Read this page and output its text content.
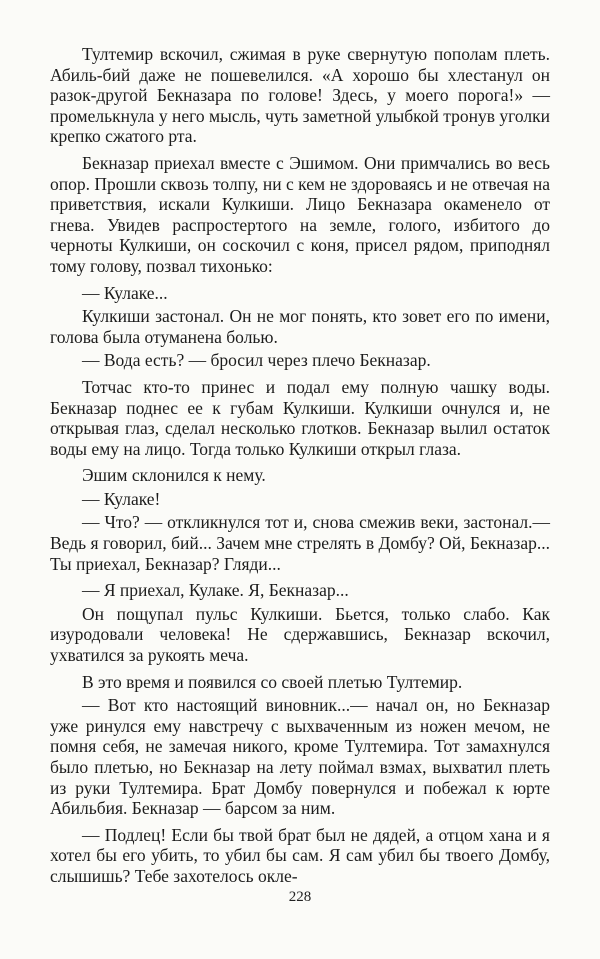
Тултемир вскочил, сжимая в руке свернутую пополам плеть. Абиль-бий даже не пошевелился. «А хорошо бы хлестанул он разок-другой Бекназара по голове! Здесь, у моего порога!» — промелькнула у него мысль, чуть заметной улыбкой тронув уголки крепко сжатого рта.

Бекназар приехал вместе с Эшимом. Они примчались во весь опор. Прошли сквозь толпу, ни с кем не здороваясь и не отвечая на приветствия, искали Кулкиши. Лицо Бекназара окаменело от гнева. Увидев распростертого на земле, голого, избитого до черноты Кулкиши, он соскочил с коня, присел рядом, приподнял тому голову, позвал тихонько:

— Кулаке...

Кулкиши застонал. Он не мог понять, кто зовет его по имени, голова была отуманена болью.

— Вода есть? — бросил через плечо Бекназар.

Тотчас кто-то принес и подал ему полную чашку воды. Бекназар поднес ее к губам Кулкиши. Кулкиши очнулся и, не открывая глаз, сделал несколько глотков. Бекназар вылил остаток воды ему на лицо. Тогда только Кулкиши открыл глаза.

Эшим склонился к нему.

— Кулаке!

— Что? — откликнулся тот и, снова смежив веки, застонал.— Ведь я говорил, бий... Зачем мне стрелять в Домбу? Ой, Бекназар... Ты приехал, Бекназар? Гляди...

— Я приехал, Кулаке. Я, Бекназар...

Он пощупал пульс Кулкиши. Бьется, только слабо. Как изуродовали человека! Не сдержавшись, Бекназар вскочил, ухватился за рукоять меча.

В это время и появился со своей плетью Тултемир.

— Вот кто настоящий виновник...— начал он, но Бекназар уже ринулся ему навстречу с выхваченным из ножен мечом, не помня себя, не замечая никого, кроме Тултемира. Тот замахнулся было плетью, но Бекназар на лету поймал взмах, выхватил плеть из руки Тултемира. Брат Домбу повернулся и побежал к юрте Абильбия. Бекназар — барсом за ним.

— Подлец! Если бы твой брат был не дядей, а отцом хана и я хотел бы его убить, то убил бы сам. Я сам убил бы твоего Домбу, слышишь? Тебе захотелось окле-

228
